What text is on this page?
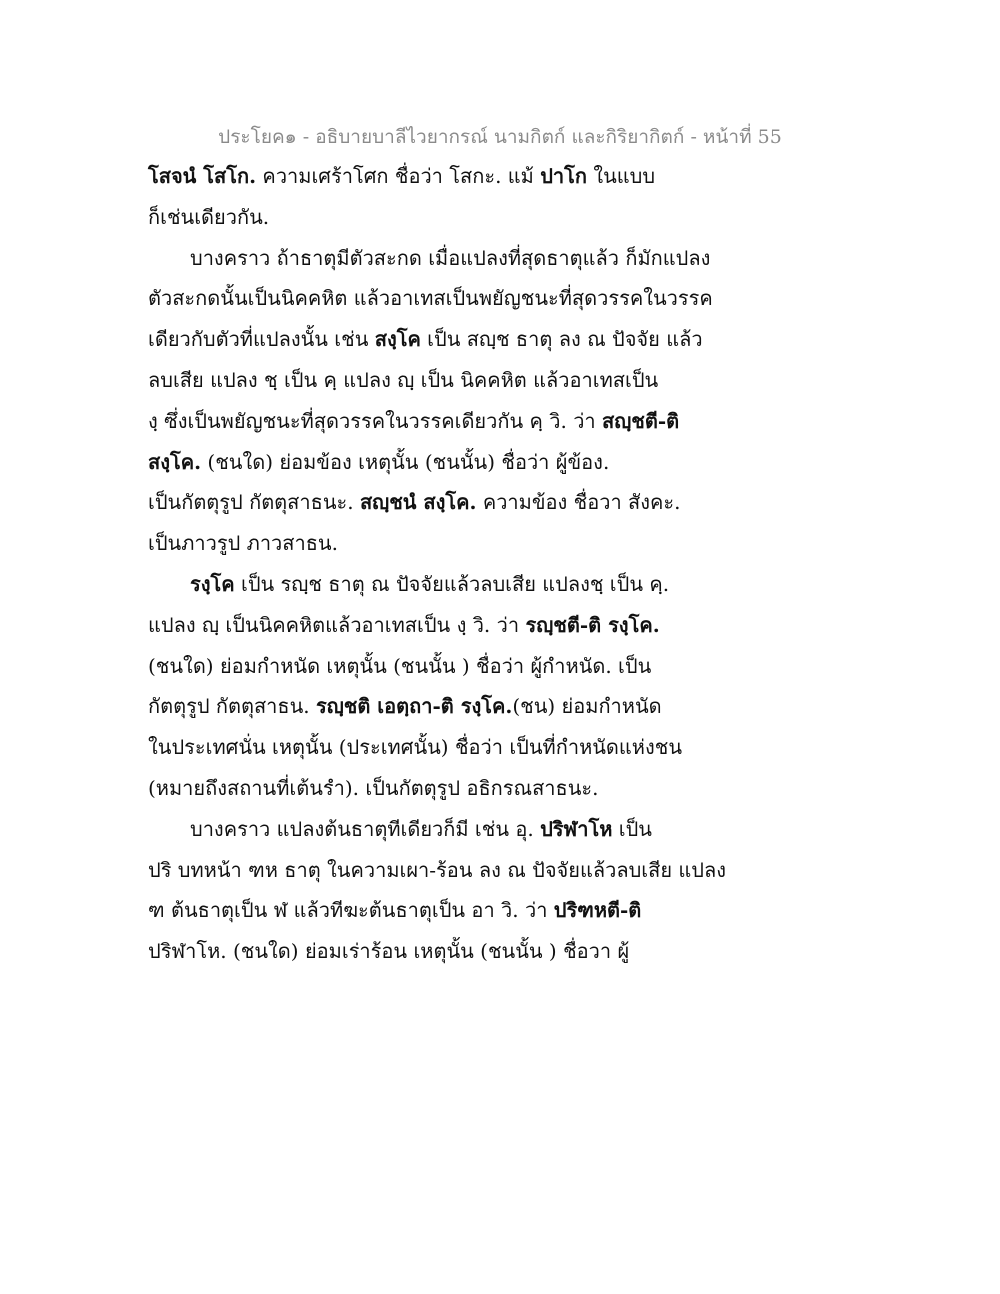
ประโยค๑ - อธิบายบาลีไวยากรณ์ นามกิตก์ และกิริยากิตก์ - หน้าที่ 55
โสจนํ โสโก. ความเศร้าโศก ชื่อว่า โสกะ. แม้ ปาโก ในแบบ
ก็เช่นเดียวกัน.
บางคราว ถ้าธาตุมีตัวสะกด เมื่อแปลงที่สุดธาตุแล้ว ก็มักแปลง
ตัวสะกดนั้นเป็นนิคคหิต แล้วอาเทสเป็นพยัญชนะที่สุดวรรคในวรรค
เดียวกับตัวที่แปลงนั้น เช่น สงฺโค เป็น สญฺช ธาตุ ลง ณ ปัจจัย แล้ว
ลบเสีย แปลง ชฺ เป็น คฺ แปลง ญฺ เป็น นิคคหิต แล้วอาเทสเป็น
งฺ ซึ่งเป็นพยัญชนะที่สุดวรรคในวรรคเดียวกัน คฺ วิ. ว่า สญฺชตี-ติ
สงฺโค. (ชนใด) ย่อมข้อง เหตุนั้น (ชนนั้น) ชื่อว่า ผู้ข้อง.
เป็นกัตตุรูป กัตตุสาธนะ. สญฺชนํ สงฺโค. ความข้อง ชื่อวา สังคะ.
เป็นภาวรูป ภาวสาธน.
รงฺโค เป็น รญฺช ธาตุ ณ ปัจจัยแล้วลบเสีย แปลงชฺ เป็น คฺ.
แปลง ญฺ เป็นนิคคหิตแล้วอาเทสเป็น งฺ วิ. ว่า รญฺชตี-ติ รงฺโค.
(ชนใด) ย่อมกำหนัด เหตุนั้น (ชนนั้น ) ชื่อว่า ผู้กำหนัด. เป็น
กัตตุรูป กัตตุสาธน. รญฺชติ เอตฺถา-ติ รงฺโค.(ชน) ย่อมกำหนัด
ในประเทศนั่น เหตุนั้น (ประเทศนั้น) ชื่อว่า เป็นที่กำหนัดแห่งชน
(หมายถึงสถานที่เต้นรำ). เป็นกัตตุรูป อธิกรณสาธนะ.
บางคราว แปลงต้นธาตุทีเดียวก็มี เช่น อุ. ปริฬาโห เป็น
ปริ บทหน้า ฑห ธาตุ ในความเผา-ร้อน ลง ณ ปัจจัยแล้วลบเสีย แปลง
ฑ ต้นธาตุเป็น ฬ แล้วทีฆะต้นธาตุเป็น อา วิ. ว่า ปริฑหตี-ติ
ปริฬาโห. (ชนใด) ย่อมเร่าร้อน เหตุนั้น (ชนนั้น ) ชื่อวา ผู้
